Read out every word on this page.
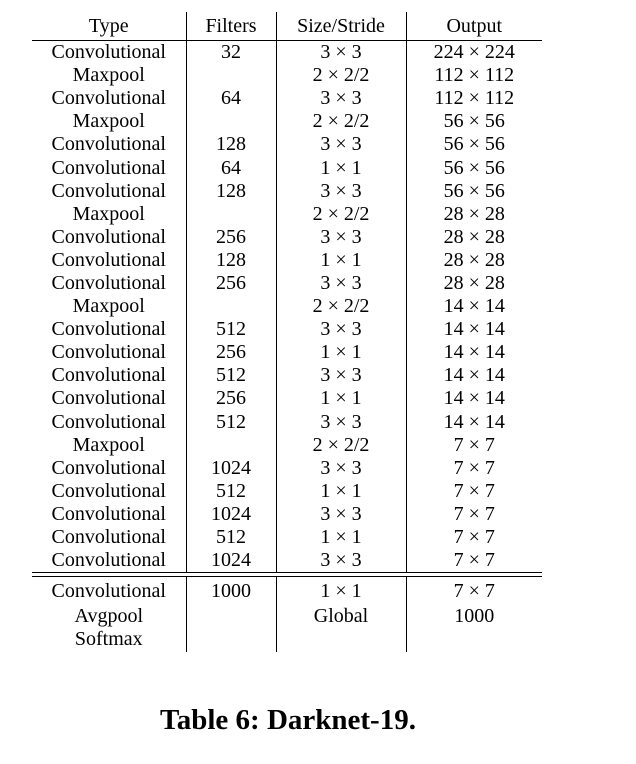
Type	Filters	Size/Stride	Output
Convolutional	32	3 × 3	224 × 224
Maxpool		2 × 2/2	112 × 112
Convolutional	64	3 × 3	112 × 112
Maxpool		2 × 2/2	56 × 56
Convolutional	128	3 × 3	56 × 56
Convolutional	64	1 × 1	56 × 56
Convolutional	128	3 × 3	56 × 56
Maxpool		2 × 2/2	28 × 28
Convolutional	256	3 × 3	28 × 28
Convolutional	128	1 × 1	28 × 28
Convolutional	256	3 × 3	28 × 28
Maxpool		2 × 2/2	14 × 14
Convolutional	512	3 × 3	14 × 14
Convolutional	256	1 × 1	14 × 14
Convolutional	512	3 × 3	14 × 14
Convolutional	256	1 × 1	14 × 14
Convolutional	512	3 × 3	14 × 14
Maxpool		2 × 2/2	7 × 7
Convolutional	1024	3 × 3	7 × 7
Convolutional	512	1 × 1	7 × 7
Convolutional	1024	3 × 3	7 × 7
Convolutional	512	1 × 1	7 × 7
Convolutional	1024	3 × 3	7 × 7

Convolutional	1000	1 × 1	7 × 7
Avgpool		Global	1000
Softmax			
Table 6: Darknet-19.
